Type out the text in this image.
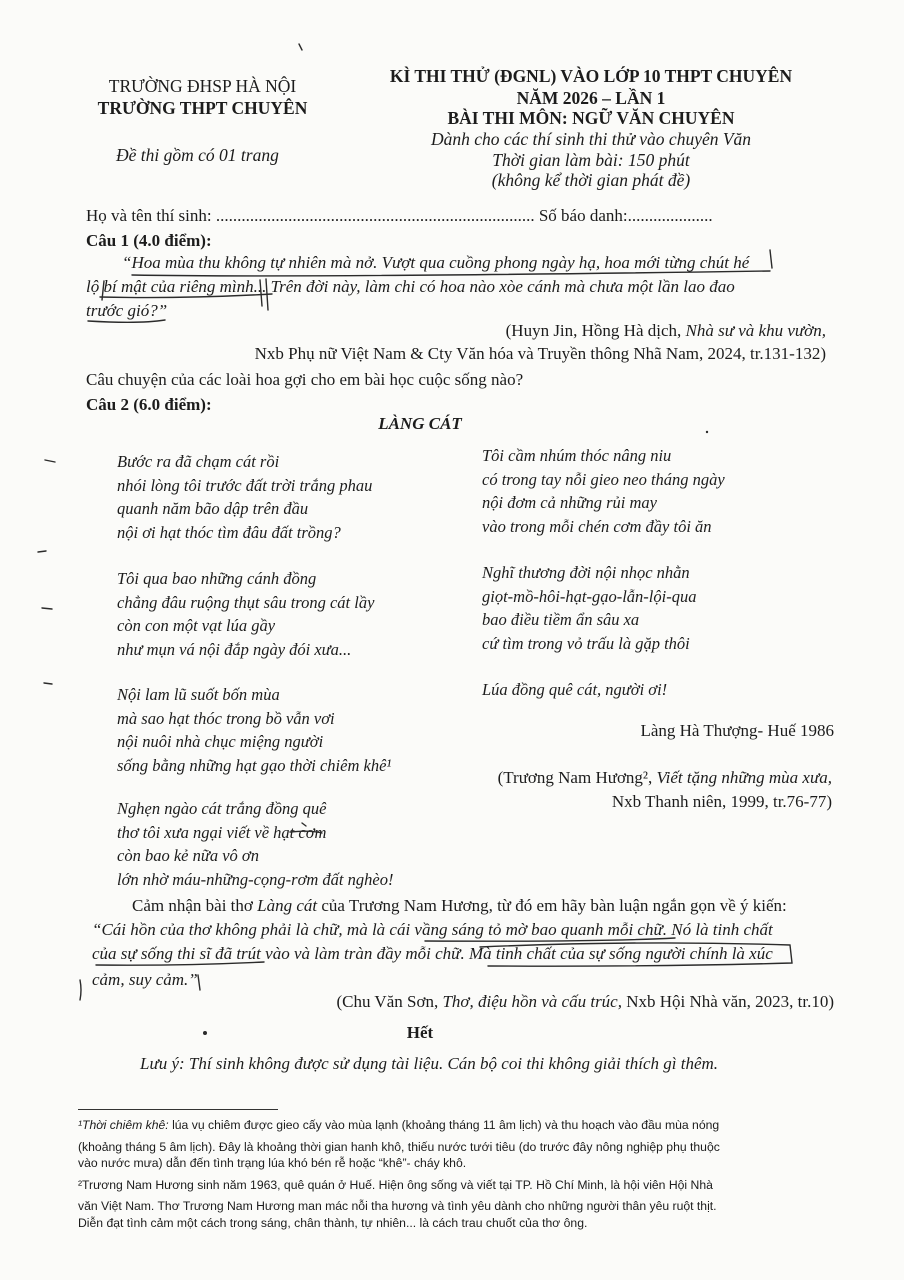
TRƯỜNG ĐHSP HÀ NỘI
TRƯỜNG THPT CHUYÊN
Đề thi gồm có 01 trang
KÌ THI THỬ (ĐGNL) VÀO LỚP 10 THPT CHUYÊN
NĂM 2026 – LẦN 1
BÀI THI MÔN: NGỮ VĂN CHUYÊN
Dành cho các thí sinh thi thử vào chuyên Văn
Thời gian làm bài: 150 phút
(không kể thời gian phát đề)
Họ và tên thí sinh: ........................................................................... Số báo danh:....................
Câu 1 (4.0 điểm):
“Hoa mùa thu không tự nhiên mà nở. Vượt qua cuồng phong ngày hạ, hoa mới từng chút hé
lộ bí mật của riêng mình... Trên đời này, làm chi có hoa nào xòe cánh mà chưa một lần lao đao
trước gió?”
(Huyn Jin, Hồng Hà dịch, Nhà sư và khu vườn,
Nxb Phụ nữ Việt Nam & Cty Văn hóa và Truyền thông Nhã Nam, 2024, tr.131-132)
Câu chuyện của các loài hoa gợi cho em bài học cuộc sống nào?
Câu 2 (6.0 điểm):
LÀNG CÁT
Bước ra đã chạm cát rồi
nhói lòng tôi trước đất trời trắng phau
quanh năm bão dập trên đầu
nội ơi hạt thóc tìm đâu đất trồng?
Tôi qua bao những cánh đồng
chẳng đâu ruộng thụt sâu trong cát lầy
còn con một vạt lúa gầy
như mụn vá nội đắp ngày đói xưa...
Nội lam lũ suốt bốn mùa
mà sao hạt thóc trong bồ vẫn vơi
nội nuôi nhà chục miệng người
sống bằng những hạt gạo thời chiêm khê¹
Nghẹn ngào cát trắng đồng quê
thơ tôi xưa ngại viết về hạt cơm
còn bao kẻ nữa vô ơn
lớn nhờ máu-những-cọng-rơm đất nghèo!
Tôi cầm nhúm thóc nâng niu
có trong tay nỗi gieo neo tháng ngày
nội đơm cả những rủi may
vào trong mỗi chén cơm đầy tôi ăn
Nghĩ thương đời nội nhọc nhằn
giọt-mồ-hôi-hạt-gạo-lẫn-lội-qua
bao điều tiềm ẩn sâu xa
cứ tìm trong vỏ trấu là gặp thôi
Lúa đồng quê cát, người ơi!
Làng Hà Thượng- Huế 1986
(Trương Nam Hương², Viết tặng những mùa xưa,
Nxb Thanh niên, 1999, tr.76-77)
Cảm nhận bài thơ Làng cát của Trương Nam Hương, từ đó em hãy bàn luận ngắn gọn về ý kiến:
“Cái hồn của thơ không phải là chữ, mà là cái vầng sáng tỏ mờ bao quanh mỗi chữ. Nó là tinh chất
của sự sống thi sĩ đã trút vào và làm tràn đầy mỗi chữ. Mà tinh chất của sự sống người chính là xúc
cảm, suy cảm.”
(Chu Văn Sơn, Thơ, điệu hồn và cấu trúc, Nxb Hội Nhà văn, 2023, tr.10)
Hết
Lưu ý: Thí sinh không được sử dụng tài liệu. Cán bộ coi thi không giải thích gì thêm.
¹Thời chiêm khê: lúa vụ chiêm được gieo cấy vào mùa lạnh (khoảng tháng 11 âm lịch) và thu hoạch vào đầu mùa nóng
(khoảng tháng 5 âm lịch). Đây là khoảng thời gian hanh khô, thiếu nước tưới tiêu (do trước đây nông nghiệp phụ thuộc
vào nước mưa) dẫn đến tình trạng lúa khó bén rễ hoặc “khê”- cháy khô.
²Trương Nam Hương sinh năm 1963, quê quán ở Huế. Hiện ông sống và viết tại TP. Hồ Chí Minh, là hội viên Hội Nhà
văn Việt Nam. Thơ Trương Nam Hương man mác nỗi tha hương và tình yêu dành cho những người thân yêu ruột thịt.
Diễn đạt tình cảm một cách trong sáng, chân thành, tự nhiên... là cách trau chuốt của thơ ông.
